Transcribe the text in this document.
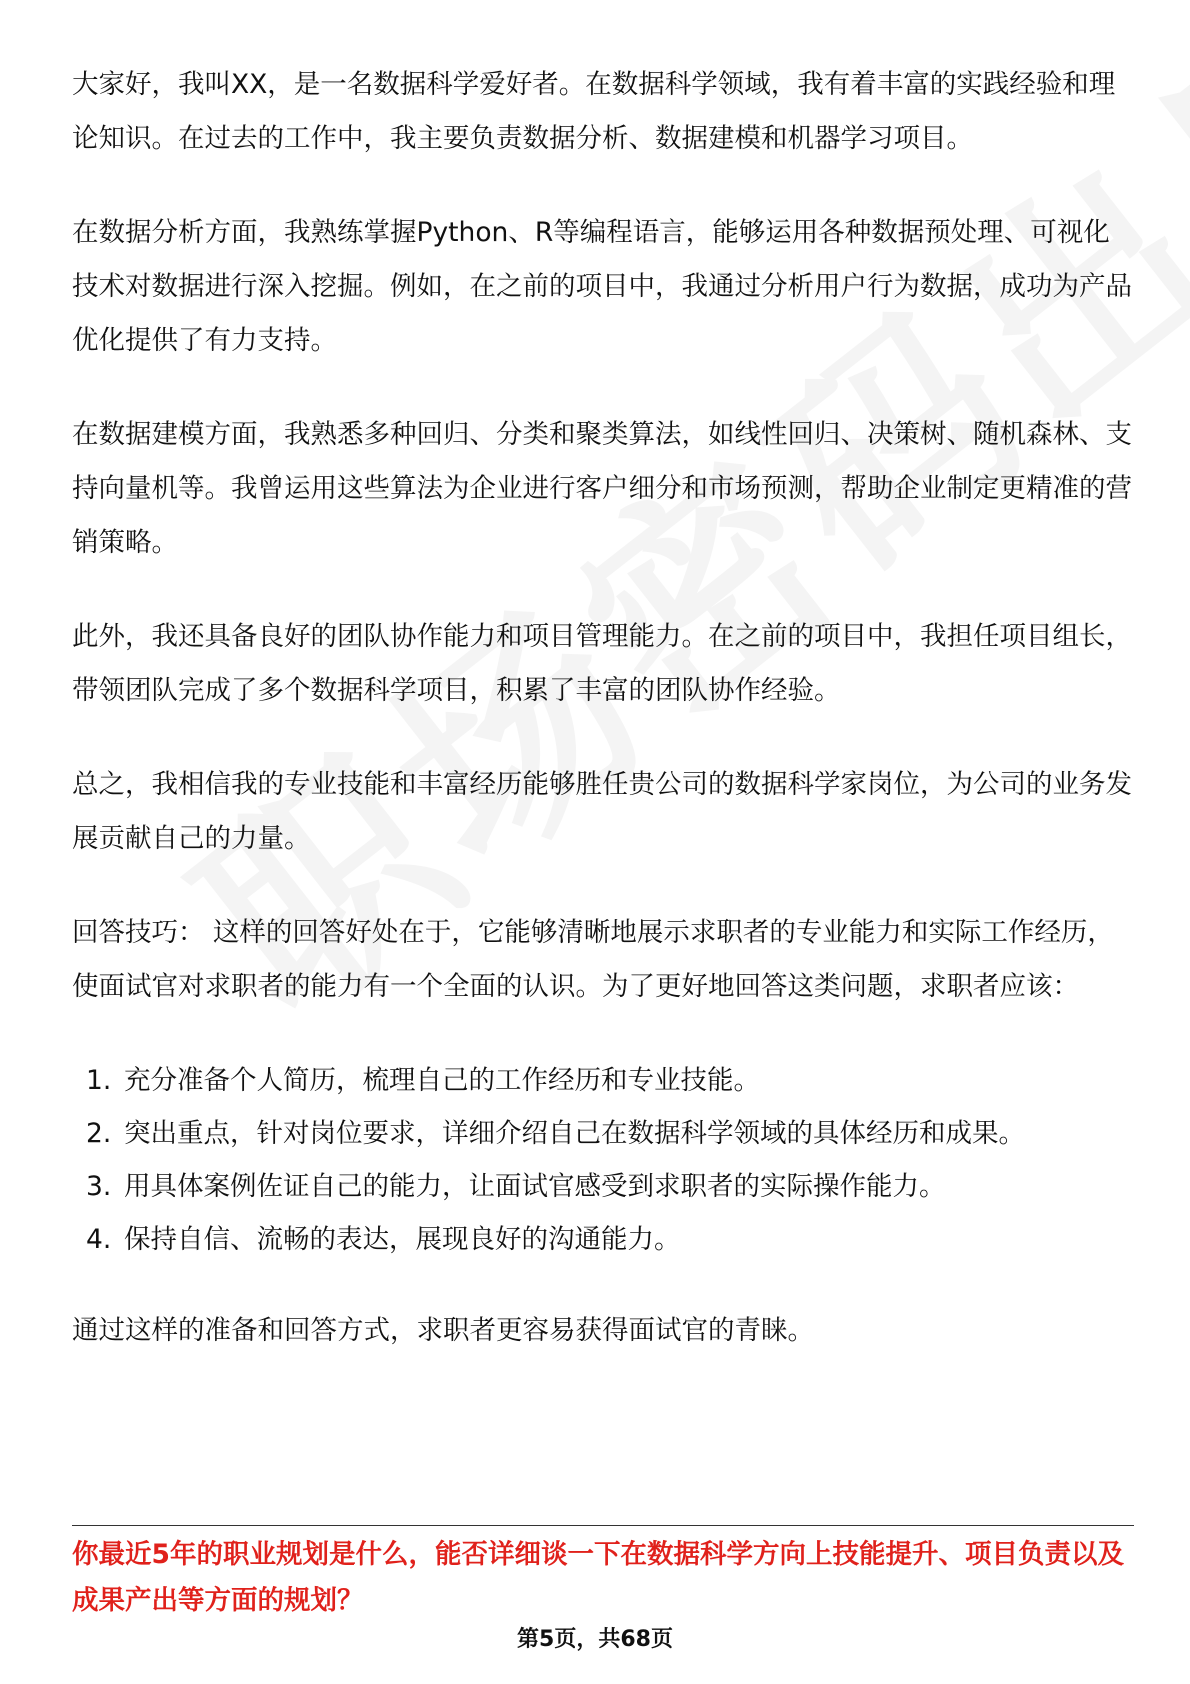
大家好，我叫XX，是一名数据科学爱好者。在数据科学领域，我有着丰富的实践经验和理论知识。在过去的工作中，我主要负责数据分析、数据建模和机器学习项目。

在数据分析方面，我熟练掌握Python、R等编程语言，能够运用各种数据预处理、可视化技术对数据进行深入挖掘。例如，在之前的项目中，我通过分析用户行为数据，成功为产品优化提供了有力支持。

在数据建模方面，我熟悉多种回归、分类和聚类算法，如线性回归、决策树、随机森林、支持向量机等。我曾运用这些算法为企业进行客户细分和市场预测，帮助企业制定更精准的营销策略。

此外，我还具备良好的团队协作能力和项目管理能力。在之前的项目中，我担任项目组长，带领团队完成了多个数据科学项目，积累了丰富的团队协作经验。

总之，我相信我的专业技能和丰富经历能够胜任贵公司的数据科学家岗位，为公司的业务发展贡献自己的力量。

回答技巧： 这样的回答好处在于，它能够清晰地展示求职者的专业能力和实际工作经历，使面试官对求职者的能力有一个全面的认识。为了更好地回答这类问题，求职者应该：

1. 充分准备个人简历，梳理自己的工作经历和专业技能。
2. 突出重点，针对岗位要求，详细介绍自己在数据科学领域的具体经历和成果。
3. 用具体案例佐证自己的能力，让面试官感受到求职者的实际操作能力。
4. 保持自信、流畅的表达，展现良好的沟通能力。

通过这样的准备和回答方式，求职者更容易获得面试官的青睐。

你最近5年的职业规划是什么，能否详细谈一下在数据科学方向上技能提升、项目负责以及成果产出等方面的规划？
第5页，共68页
